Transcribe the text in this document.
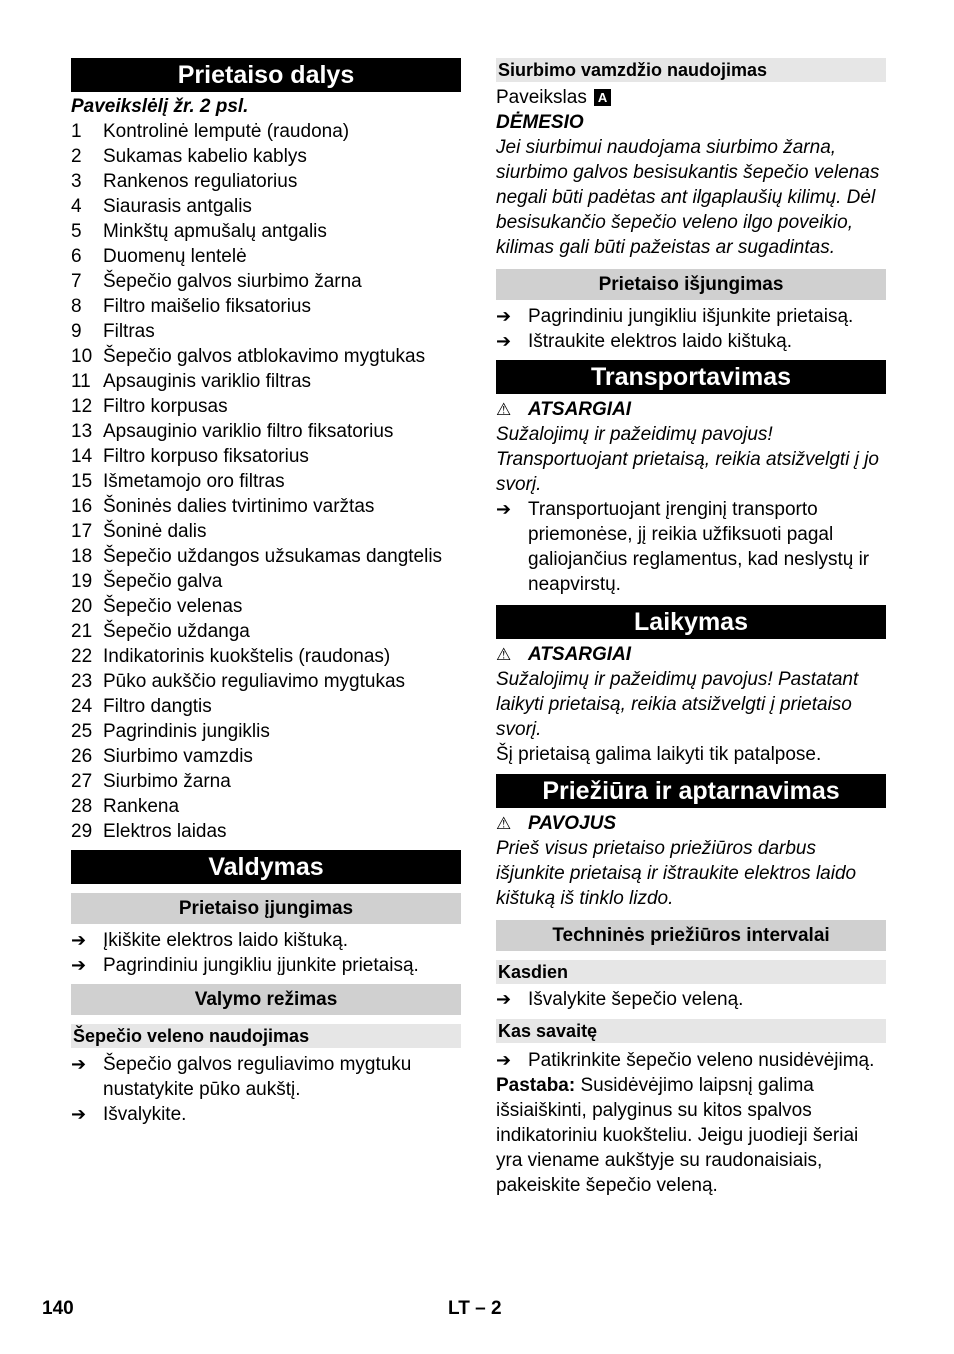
Prietaiso dalys
Paveikslėlį žr. 2 psl.
1	Kontrolinė lemputė (raudona)
2	Sukamas kabelio kablys
3	Rankenos reguliatorius
4	Siaurasis antgalis
5	Minkštų apmušalų antgalis
6	Duomenų lentelė
7	Šepečio galvos siurbimo žarna
8	Filtro maišelio fiksatorius
9	Filtras
10 Šepečio galvos atblokavimo mygtukas
11 Apsauginis variklio filtras
12 Filtro korpusas
13 Apsauginio variklio filtro fiksatorius
14 Filtro korpuso fiksatorius
15 Išmetamojo oro filtras
16 Šoninės dalies tvirtinimo varžtas
17 Šoninė dalis
18 Šepečio uždangos užsukamas dangtelis
19 Šepečio galva
20 Šepečio velenas
21 Šepečio uždanga
22 Indikatorinis kuokštelis (raudonas)
23 Pūko aukščio reguliavimo mygtukas
24 Filtro dangtis
25 Pagrindinis jungiklis
26 Siurbimo vamzdis
27 Siurbimo žarna
28 Rankena
29 Elektros laidas
Valdymas
Prietaiso įjungimas
➔ Įkiškite elektros laido kištuką.
➔ Pagrindiniu jungikliu įjunkite prietaisą.
Valymo režimas
Šepečio veleno naudojimas
➔ Šepečio galvos reguliavimo mygtuku nustatykite pūko aukštį.
➔ Išvalykite.
Siurbimo vamzdžio naudojimas
Paveikslas A
DĖMESIO
Jei siurbimui naudojama siurbimo žarna, siurbimo galvos besisukantis šepečio velenas negali būti padėtas ant ilgaplaušių kilimų. Dėl besisukančio šepečio veleno ilgo poveikio, kilimas gali būti pažeistas ar sugadintas.
Prietaiso išjungimas
➔ Pagrindiniu jungikliu išjunkite prietaisą.
➔ Ištraukite elektros laido kištuką.
Transportavimas
⚠ ATSARGIAI
Sužalojimų ir pažeidimų pavojus! Transportuojant prietaisą, reikia atsižvelgti į jo svorį.
➔ Transportuojant įrenginį transporto priemonėse, jį reikia užfiksuoti pagal galiojančius reglamentus, kad neslystų ir neapvirstų.
Laikymas
⚠ ATSARGIAI
Sužalojimų ir pažeidimų pavojus! Pastatant laikyti prietaisą, reikia atsižvelgti į prietaiso svorį.
Šį prietaisą galima laikyti tik patalpose.
Priežiūra ir aptarnavimas
⚠ PAVOJUS
Prieš visus prietaiso priežiūros darbus išjunkite prietaisą ir ištraukite elektros laido kištuką iš tinklo lizdo.
Techninės priežiūros intervalai
Kasdien
➔ Išvalykite šepečio veleną.
Kas savaitę
➔ Patikrinkite šepečio veleno nusidėvėjimą.
Pastaba: Susidėvėjimo laipsnį galima išsiaiškinti, palyginus su kitos spalvos indikatoriniu kuokšteliu. Jeigu juodieji šeriai yra viename aukštyje su raudonaisiais, pakeiskite šepečio veleną.
140	LT – 2
